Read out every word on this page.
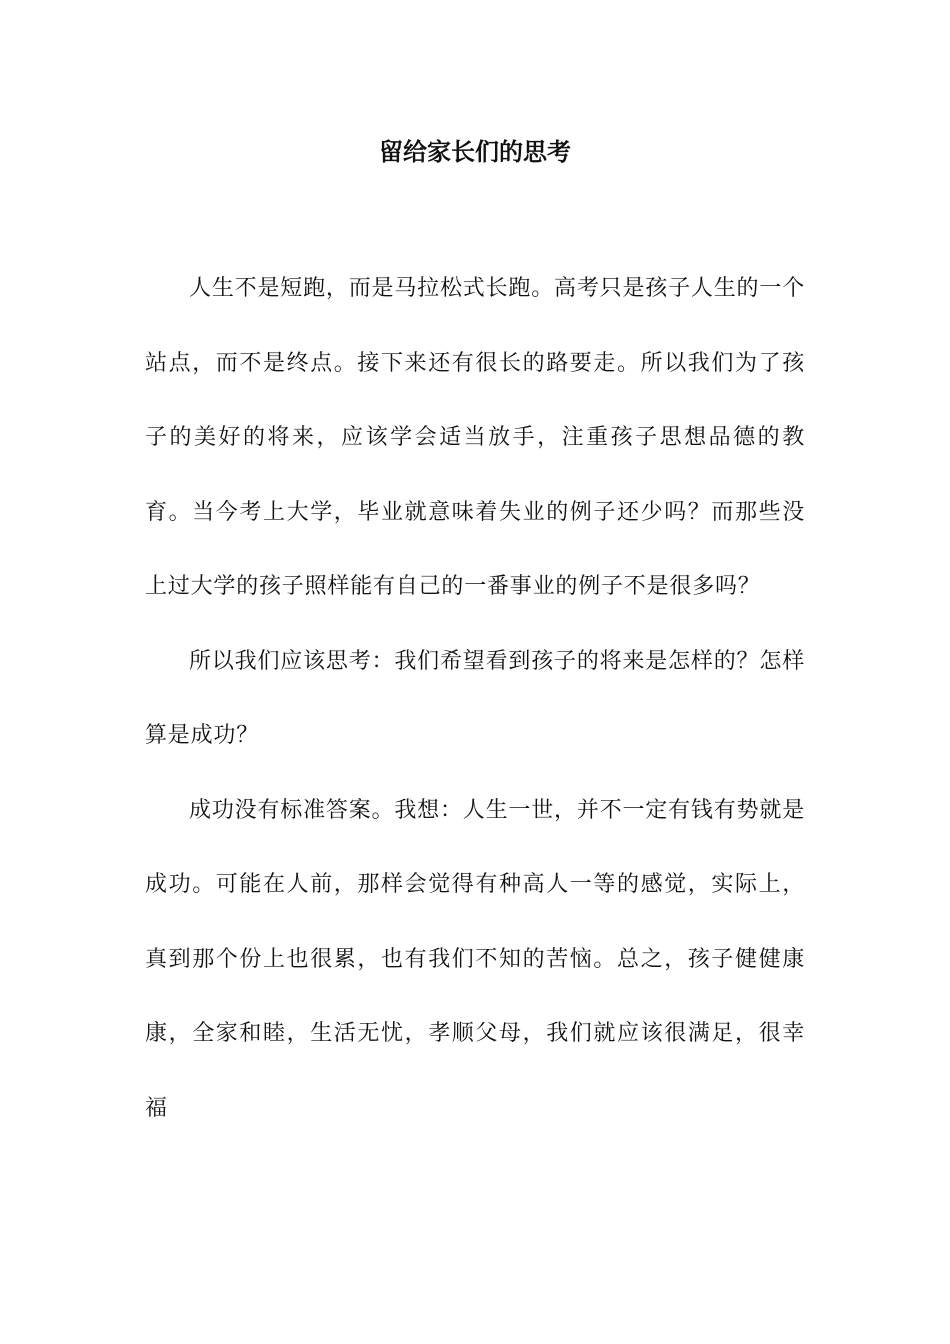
留给家长们的思考

人生不是短跑，而是马拉松式长跑。高考只是孩子人生的一个站点，而不是终点。接下来还有很长的路要走。所以我们为了孩子的美好的将来，应该学会适当放手，注重孩子思想品德的教育。当今考上大学，毕业就意味着失业的例子还少吗？而那些没上过大学的孩子照样能有自己的一番事业的例子不是很多吗？

所以我们应该思考：我们希望看到孩子的将来是怎样的？怎样算是成功？

成功没有标准答案。我想：人生一世，并不一定有钱有势就是成功。可能在人前，那样会觉得有种高人一等的感觉，实际上，真到那个份上也很累，也有我们不知的苦恼。总之，孩子健健康康，全家和睦，生活无忧，孝顺父母，我们就应该很满足，很幸福
